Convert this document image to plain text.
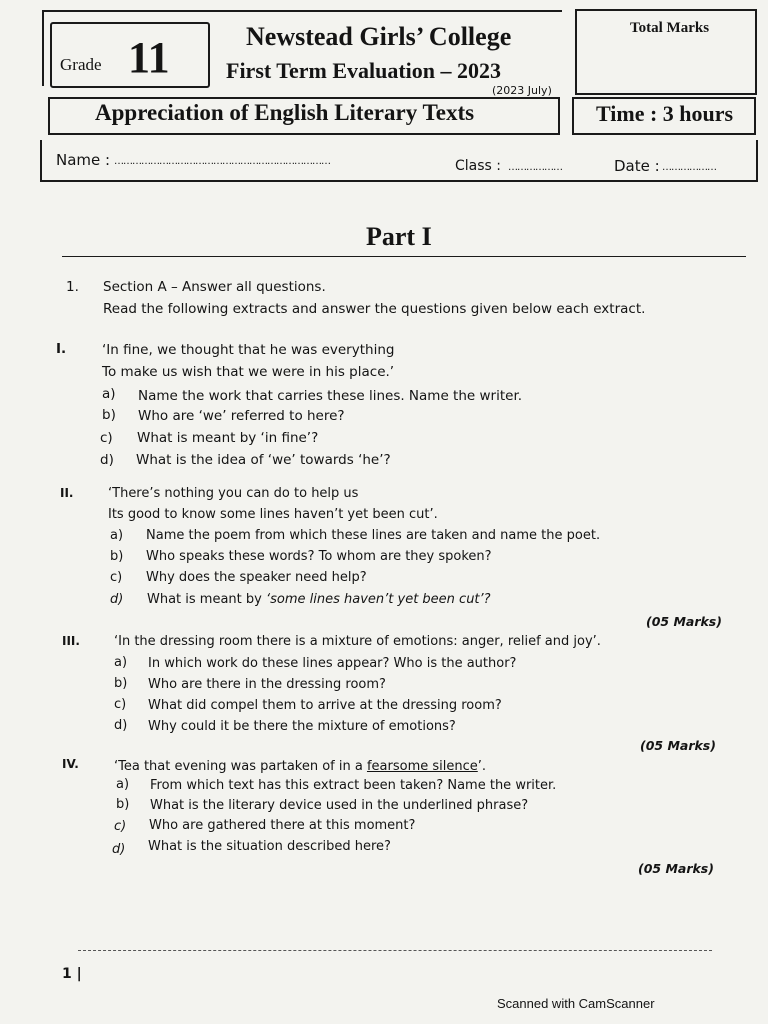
Grade 11	Newstead Girls’ College
First Term Evaluation – 2023
(2023 July)
Total Marks
Appreciation of English Literary Texts	Time : 3 hours
Name : ………………………………………………………………	Class : ………………	Date : ………………
Part I
1. Section A – Answer all questions.
Read the following extracts and answer the questions given below each extract.
I.	‘In fine, we thought that he was everything
To make us wish that we were in his place.’
a) Name the work that carries these lines. Name the writer.
b) Who are ‘we’ referred to here?
c) What is meant by ‘in fine’?
d) What is the idea of ‘we’ towards ‘he’?
II.	‘There’s nothing you can do to help us
Its good to know some lines haven’t yet been cut’.
a) Name the poem from which these lines are taken and name the poet.
b) Who speaks these words? To whom are they spoken?
c) Why does the speaker need help?
d) What is meant by ‘some lines haven’t yet been cut’?
(05 Marks)
III.	‘In the dressing room there is a mixture of emotions: anger, relief and joy’.
a) In which work do these lines appear? Who is the author?
b) Who are there in the dressing room?
c) What did compel them to arrive at the dressing room?
d) Why could it be there the mixture of emotions?
(05 Marks)
IV.	‘Tea that evening was partaken of in a fearsome silence’.
a) From which text has this extract been taken? Name the writer.
b) What is the literary device used in the underlined phrase?
c) Who are gathered there at this moment?
d) What is the situation described here?
(05 Marks)
1 |
Scanned with CamScanner
